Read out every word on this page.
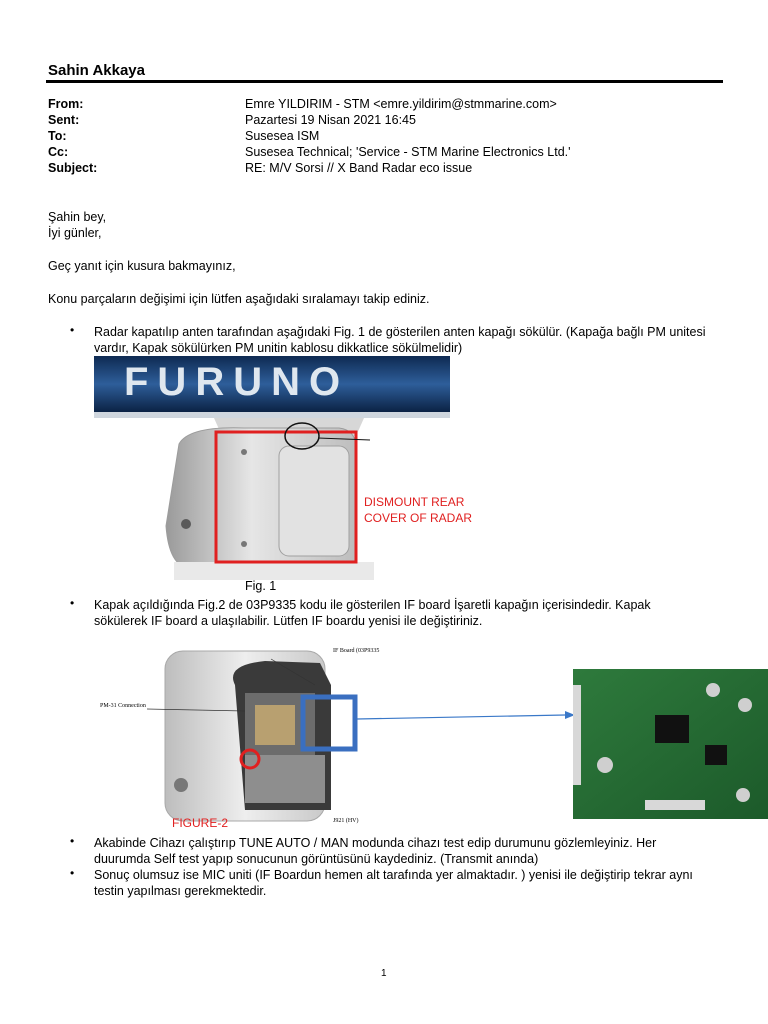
Sahin Akkaya
From:	Emre YILDIRIM - STM <emre.yildirim@stmmarine.com>
Sent:	Pazartesi 19 Nisan 2021 16:45
To:	Susesea ISM
Cc:	Susesea Technical; 'Service - STM Marine Electronics Ltd.'
Subject:	RE: M/V Sorsi // X Band Radar eco issue
Şahin bey,
İyi günler,
Geç yanıt için kusura bakmayınız,
Konu parçaların değişimi için lütfen aşağıdaki sıralamayı takip ediniz.
• Radar kapatılıp anten tarafından aşağıdaki Fig. 1 de gösterilen anten kapağı sökülür. (Kapağa bağlı PM unitesi
vardır, Kapak sökülürken PM unitin kablosu dikkatlice sökülmelidir)
FURUNO
DISMOUNT REAR
COVER OF RADAR
Fig. 1
• Kapak açıldığında Fig.2 de 03P9335 kodu ile gösterilen IF board İşaretli kapağın içerisindedir. Kapak
sökülerek IF board a ulaşılabilir. Lütfen IF boardu yenisi ile değiştiriniz.
IF Board (03P9335
PM-31 Connection
J921 (HV)
FIGURE-2
• Akabinde Cihazı çalıştırıp TUNE AUTO / MAN modunda cihazı test edip durumunu gözlemleyiniz. Her
duurumda Self test yapıp sonucunun görüntüsünü kaydediniz. (Transmit anında)
• Sonuç olumsuz ise MIC uniti (IF Boardun hemen alt tarafında yer almaktadır. ) yenisi ile değiştirip tekrar aynı
testin yapılması gerekmektedir.
1
